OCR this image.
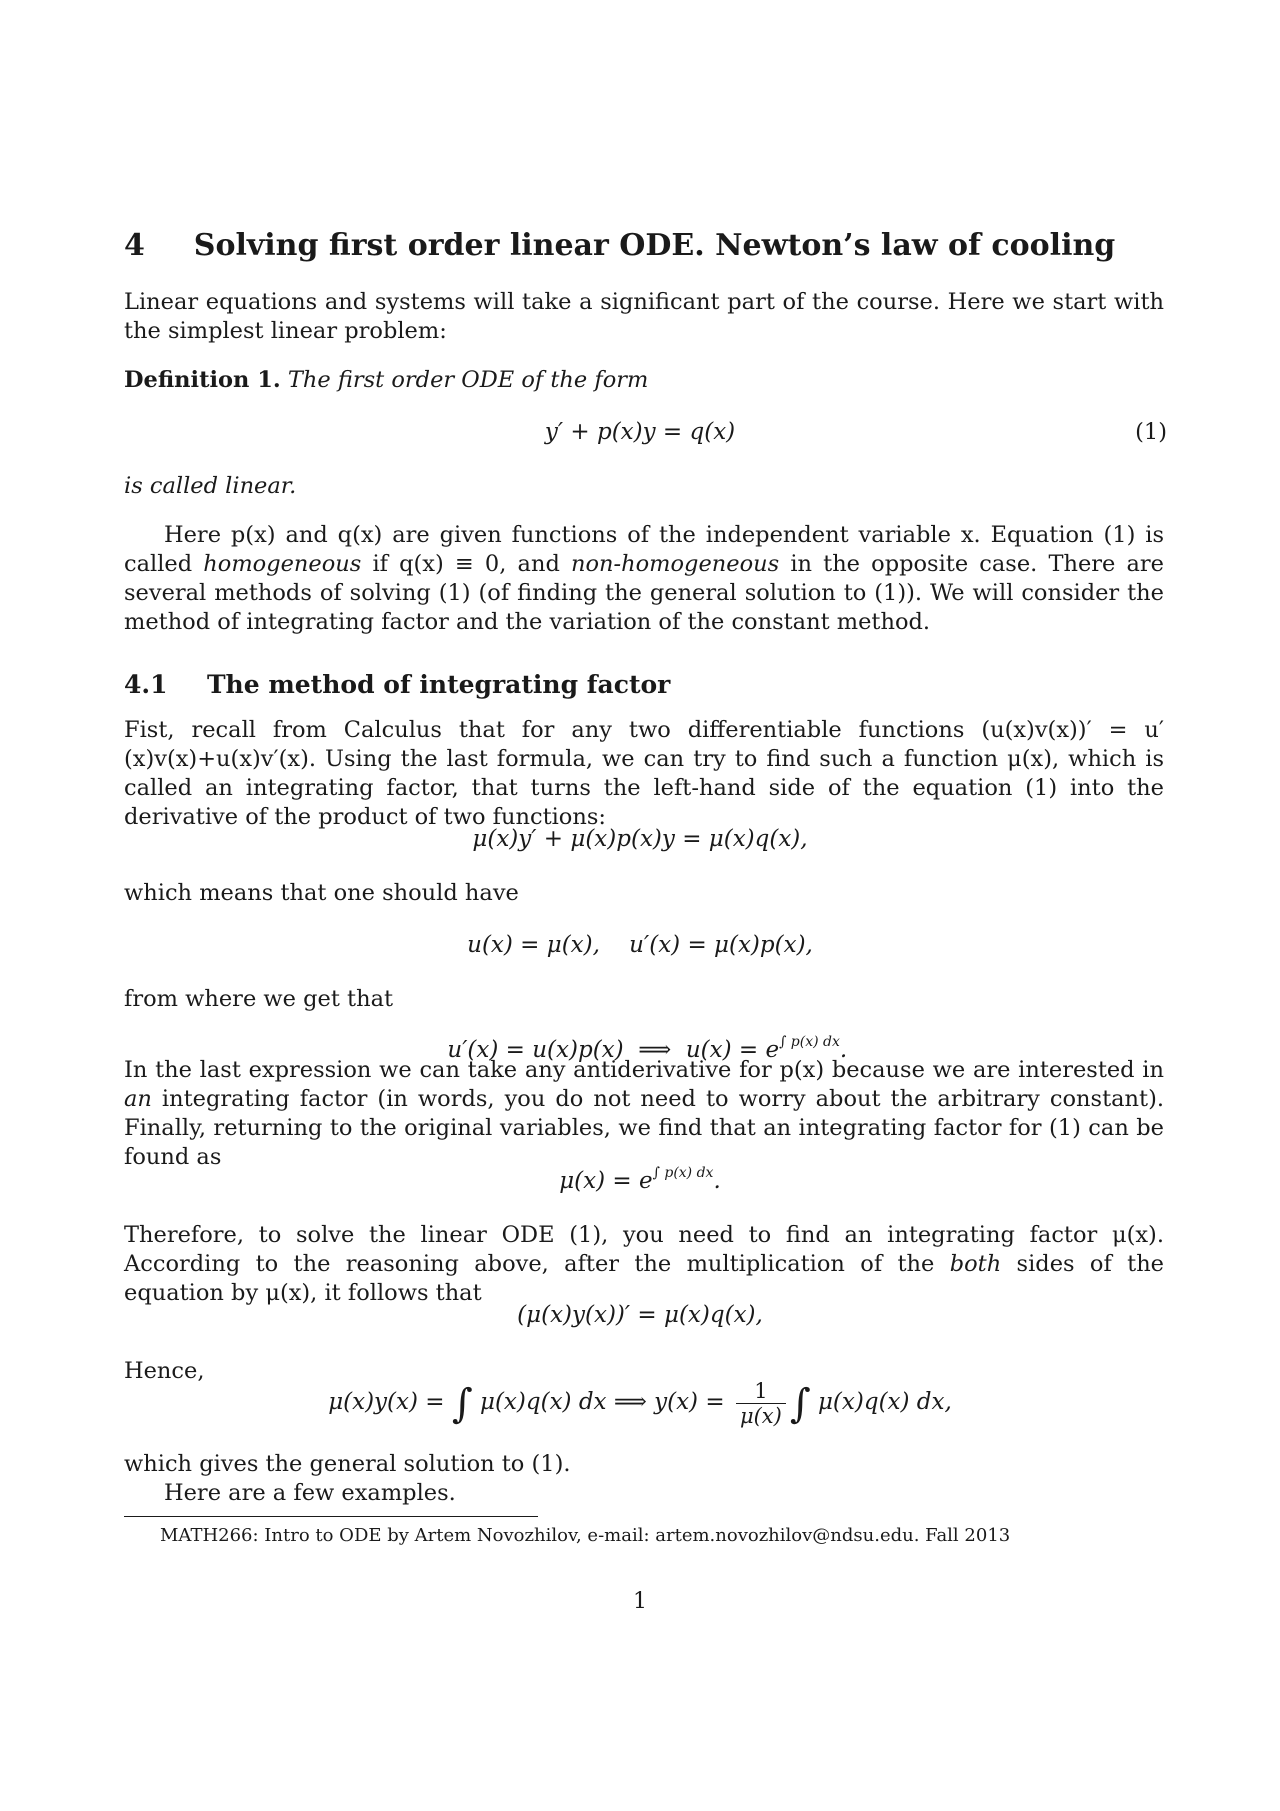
4 Solving first order linear ODE. Newton’s law of cooling
Linear equations and systems will take a significant part of the course. Here we start with the simplest linear problem:
Definition 1. The first order ODE of the form
y′ + p(x)y = q(x)	(1)
is called linear.
Here p(x) and q(x) are given functions of the independent variable x. Equation (1) is called homogeneous if q(x) ≡ 0, and non-homogeneous in the opposite case. There are several methods of solving (1) (of finding the general solution to (1)). We will consider the method of integrating factor and the variation of the constant method.
4.1 The method of integrating factor
Fist, recall from Calculus that for any two differentiable functions (u(x)v(x))′ = u′(x)v(x)+u(x)v′(x). Using the last formula, we can try to find such a function μ(x), which is called an integrating factor, that turns the left-hand side of the equation (1) into the derivative of the product of two functions:
μ(x)y′ + μ(x)p(x)y = μ(x)q(x),
which means that one should have
u(x) = μ(x),    u′(x) = μ(x)p(x),
from where we get that

u′(x) = u(x)p(x)  ⟹  $u(x) = e^{\int p(x) dx}$.

In the last expression we can take any antiderivative for p(x) because we are interested in an integrating factor (in words, you do not need to worry about the arbitrary constant). Finally, returning to the original variables, we find that an integrating factor for (1) can be found as
$\mu(x) = e^{\int p(x) dx}$.
Therefore, to solve the linear ODE (1), you need to find an integrating factor μ(x). According to the reasoning above, after the multiplication of the both sides of the equation by μ(x), it follows that
(μ(x)y(x))′ = μ(x)q(x),
Hence,
μ(x)y(x) = ∫ μ(x)q(x) dx ⟹ $y(x) = \frac{1}{\mu(x)}$ ∫ μ(x)q(x) dx,
which gives the general solution to (1).
Here are a few examples.
MATH266: Intro to ODE by Artem Novozhilov, e-mail: artem.novozhilov@ndsu.edu. Fall 2013
1
